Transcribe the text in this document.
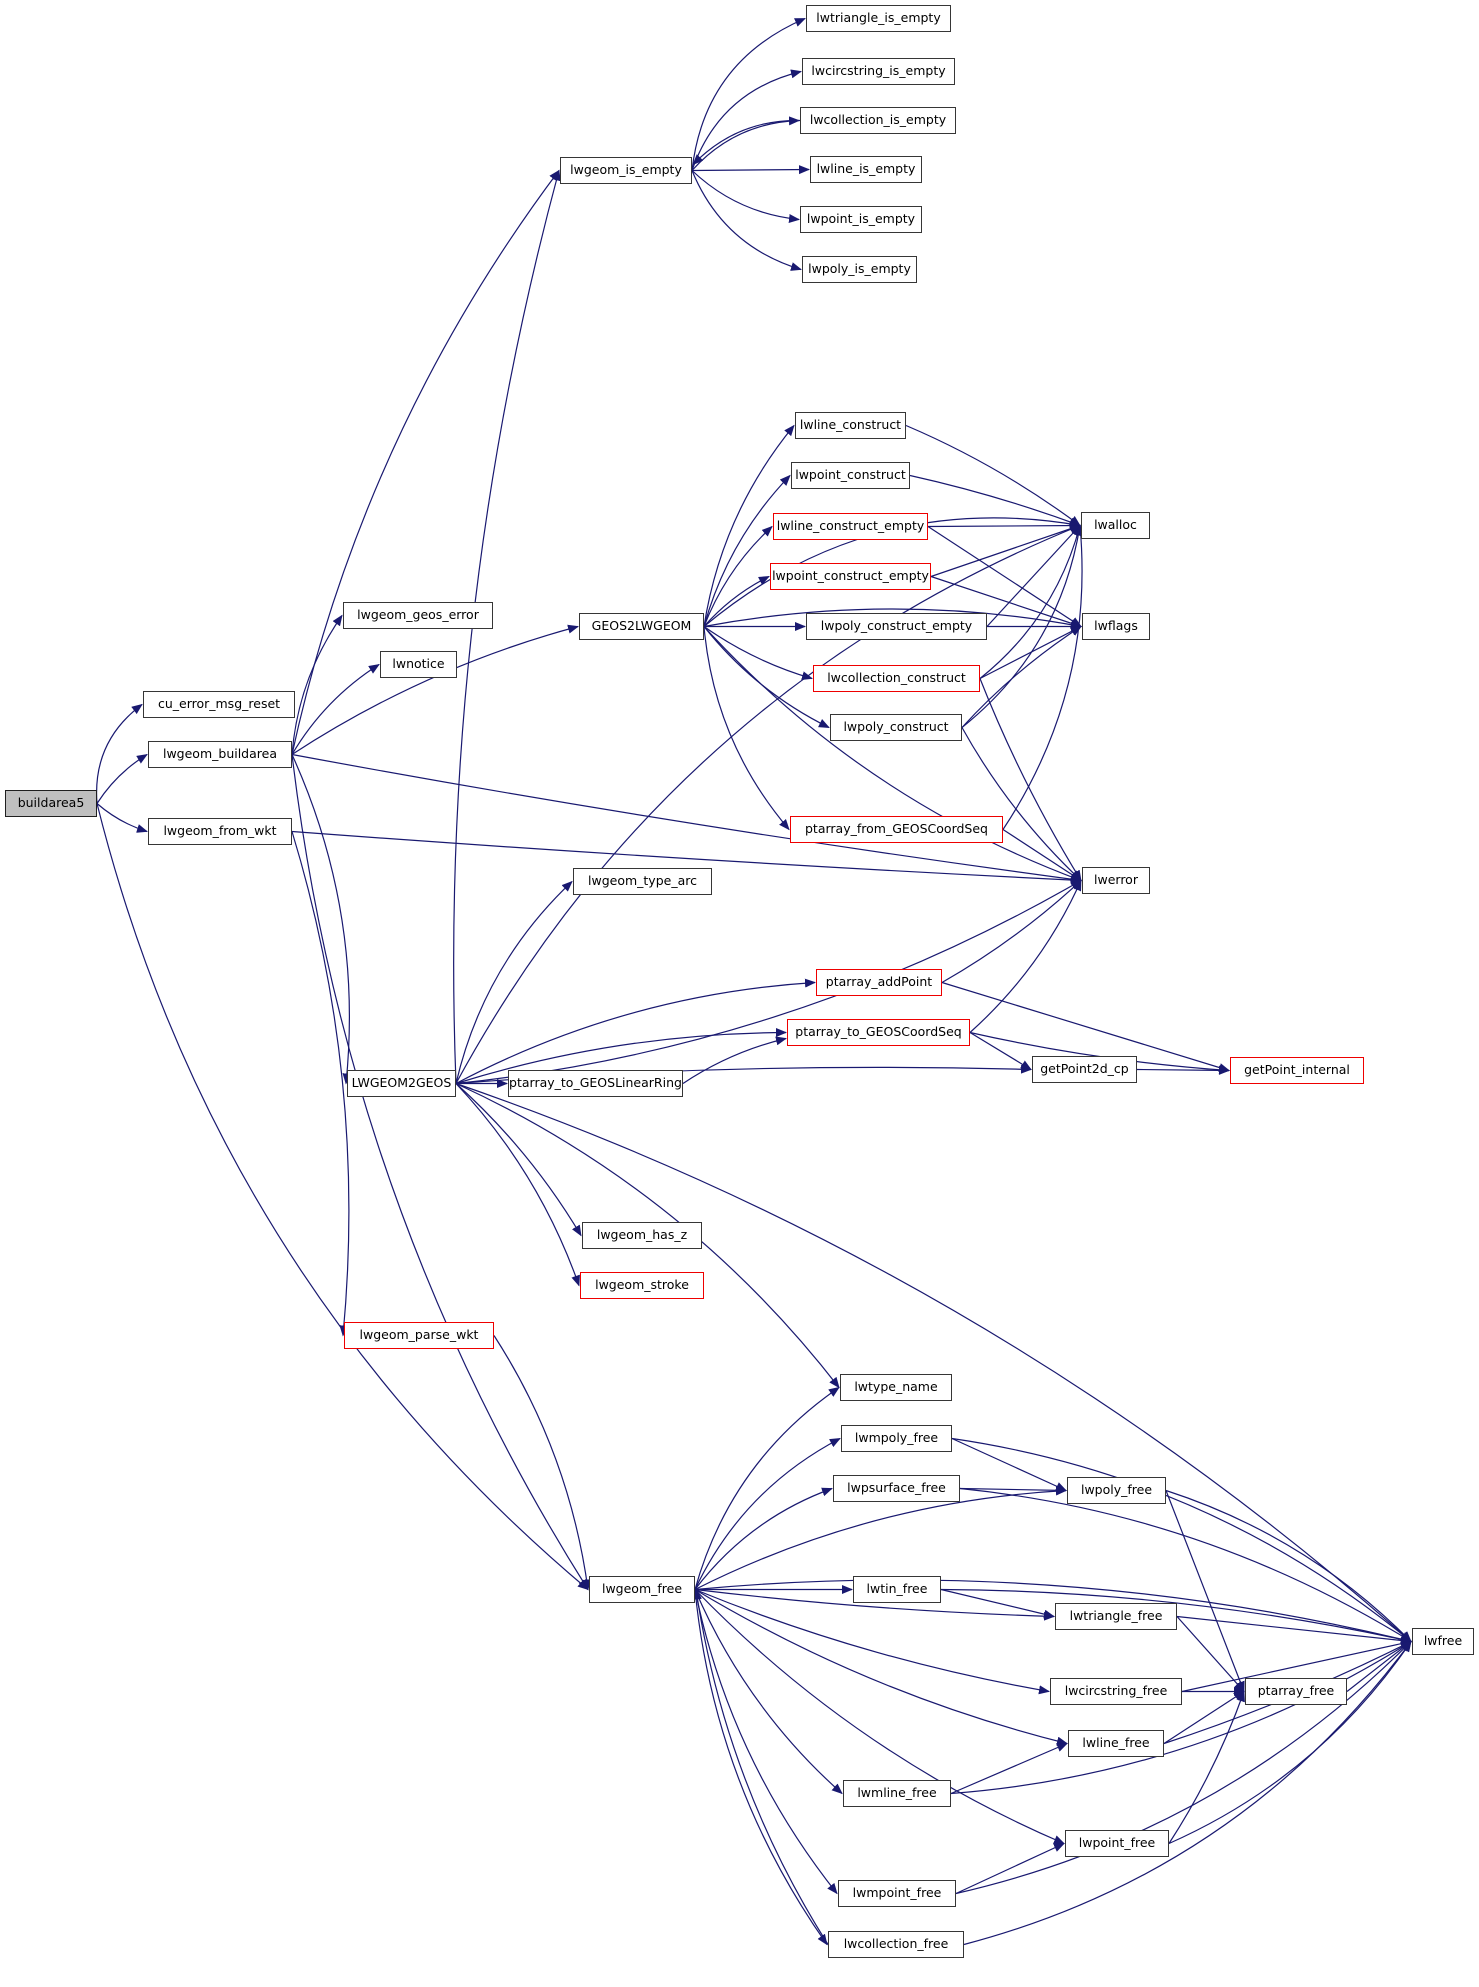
lwtriangle_is_empty
lwcircstring_is_empty
lwcollection_is_empty
lwline_is_empty
lwpoint_is_empty
lwpoly_is_empty
lwgeom_is_empty
lwline_construct
lwpoint_construct
lwline_construct_empty
lwpoint_construct_empty
lwalloc
GEOS2LWGEOM	lwpoly_construct_empty	lwflags
lwcollection_construct
lwpoly_construct
ptarray_from_GEOSCoordSeq
lwgeom_type_arc	lwerror
lwgeom_geos_error
lwnotice
cu_error_msg_reset
lwgeom_buildarea
buildarea5
lwgeom_from_wkt
LWGEOM2GEOS	ptarray_to_GEOSLinearRing
ptarray_addPoint
ptarray_to_GEOSCoordSeq
getPoint2d_cp	getPoint_internal
lwgeom_has_z
lwgeom_stroke
lwgeom_parse_wkt
lwtype_name
lwmpoly_free
lwpsurface_free	lwpoly_free
lwgeom_free	lwtin_free
lwtriangle_free
lwfree
lwcircstring_free	ptarray_free
lwline_free
lwmline_free
lwpoint_free
lwmpoint_free
lwcollection_free
